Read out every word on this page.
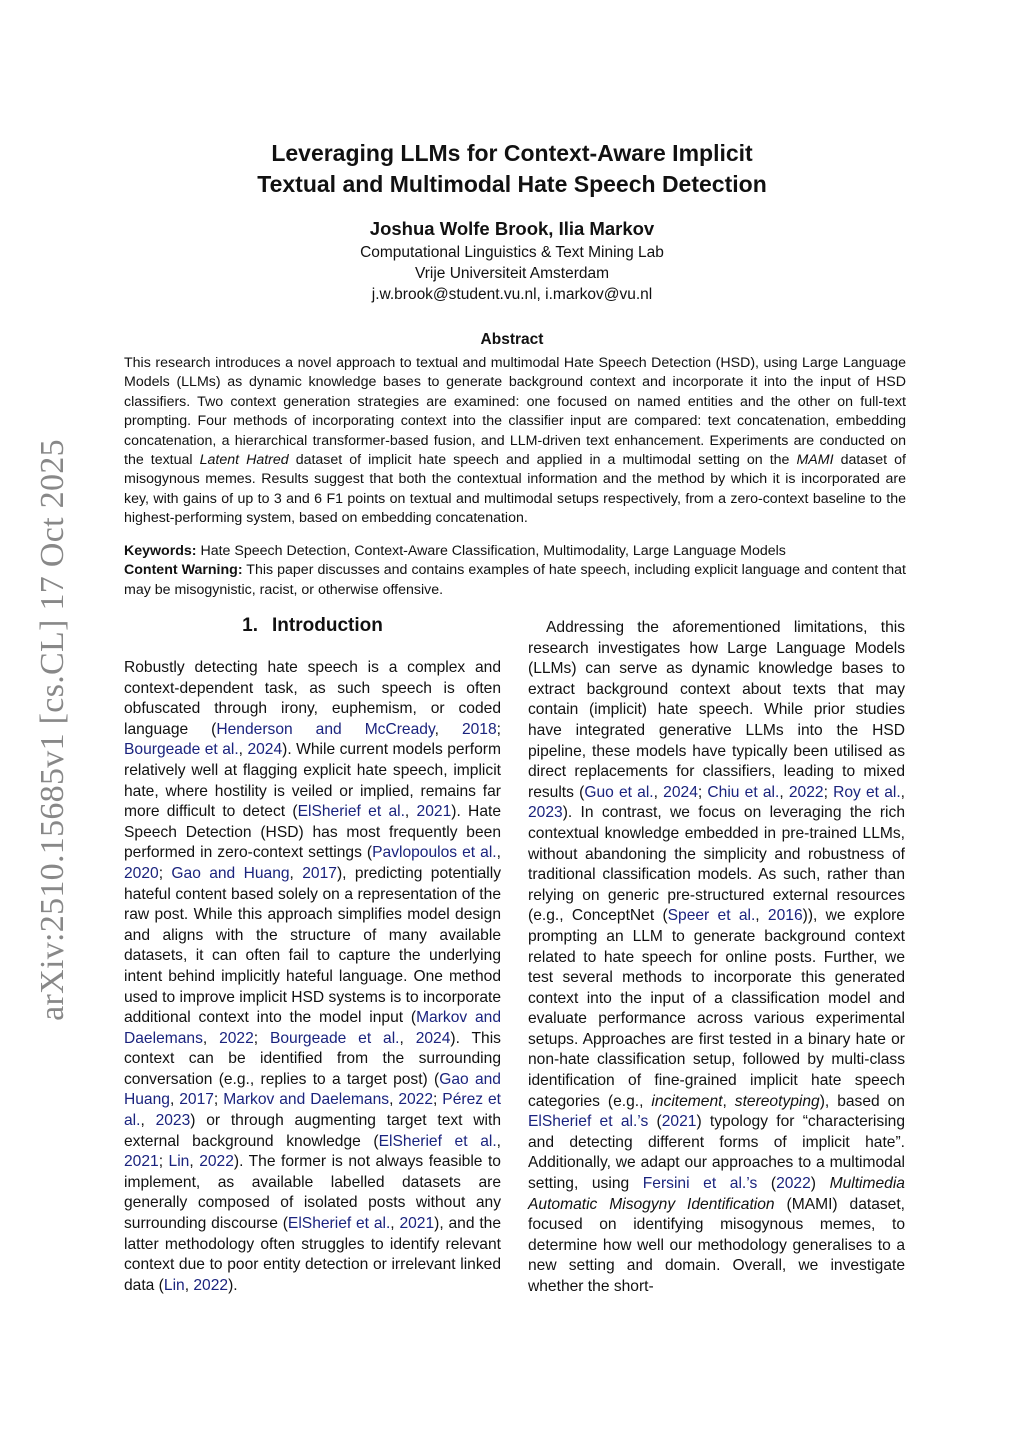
arXiv:2510.15685v1 [cs.CL] 17 Oct 2025
Leveraging LLMs for Context-Aware Implicit
Textual and Multimodal Hate Speech Detection
Joshua Wolfe Brook, Ilia Markov
Computational Linguistics & Text Mining Lab
Vrije Universiteit Amsterdam
j.w.brook@student.vu.nl, i.markov@vu.nl
Abstract
This research introduces a novel approach to textual and multimodal Hate Speech Detection (HSD), using Large Language Models (LLMs) as dynamic knowledge bases to generate background context and incorporate it into the input of HSD classifiers. Two context generation strategies are examined: one focused on named entities and the other on full-text prompting. Four methods of incorporating context into the classifier input are compared: text concatenation, embedding concatenation, a hierarchical transformer-based fusion, and LLM-driven text enhancement. Experiments are conducted on the textual Latent Hatred dataset of implicit hate speech and applied in a multimodal setting on the MAMI dataset of misogynous memes. Results suggest that both the contextual information and the method by which it is incorporated are key, with gains of up to 3 and 6 F1 points on textual and multimodal setups respectively, from a zero-context baseline to the highest-performing system, based on embedding concatenation.

Keywords: Hate Speech Detection, Context-Aware Classification, Multimodality, Large Language Models

Content Warning: This paper discusses and contains examples of hate speech, including explicit language and content that may be misogynistic, racist, or otherwise offensive.

1. Introduction

Robustly detecting hate speech is a complex and context-dependent task, as such speech is often obfuscated through irony, euphemism, or coded language (Henderson and McCready, 2018; Bourgeade et al., 2024). While current models perform relatively well at flagging explicit hate speech, implicit hate, where hostility is veiled or implied, remains far more difficult to detect (ElSherief et al., 2021). Hate Speech Detection (HSD) has most frequently been performed in zero-context settings (Pavlopoulos et al., 2020; Gao and Huang, 2017), predicting potentially hateful content based solely on a representation of the raw post. While this approach simplifies model design and aligns with the structure of many available datasets, it can often fail to capture the underlying intent behind implicitly hateful language. One method used to improve implicit HSD systems is to incorporate additional context into the model input (Markov and Daelemans, 2022; Bourgeade et al., 2024). This context can be identified from the surrounding conversation (e.g., replies to a target post) (Gao and Huang, 2017; Markov and Daelemans, 2022; Pérez et al., 2023) or through augmenting target text with external background knowledge (ElSherief et al., 2021; Lin, 2022). The former is not always feasible to implement, as available labelled datasets are generally composed of isolated posts without any surrounding discourse (ElSherief et al., 2021), and the latter methodology often struggles to identify relevant context due to poor entity detection or irrelevant linked data (Lin, 2022).

Addressing the aforementioned limitations, this research investigates how Large Language Models (LLMs) can serve as dynamic knowledge bases to extract background context about texts that may contain (implicit) hate speech. While prior studies have integrated generative LLMs into the HSD pipeline, these models have typically been utilised as direct replacements for classifiers, leading to mixed results (Guo et al., 2024; Chiu et al., 2022; Roy et al., 2023). In contrast, we focus on leveraging the rich contextual knowledge embedded in pre-trained LLMs, without abandoning the simplicity and robustness of traditional classification models. As such, rather than relying on generic pre-structured external resources (e.g., ConceptNet (Speer et al., 2016)), we explore prompting an LLM to generate background context related to hate speech for online posts. Further, we test several methods to incorporate this generated context into the input of a classification model and evaluate performance across various experimental setups. Approaches are first tested in a binary hate or non-hate classification setup, followed by multi-class identification of fine-grained implicit hate speech categories (e.g., incitement, stereotyping), based on ElSherief et al.’s (2021) typology for “characterising and detecting different forms of implicit hate”. Additionally, we adapt our approaches to a multimodal setting, using Fersini et al.’s (2022) Multimedia Automatic Misogyny Identification (MAMI) dataset, focused on identifying misogynous memes, to determine how well our methodology generalises to a new setting and domain. Overall, we investigate whether the short-
